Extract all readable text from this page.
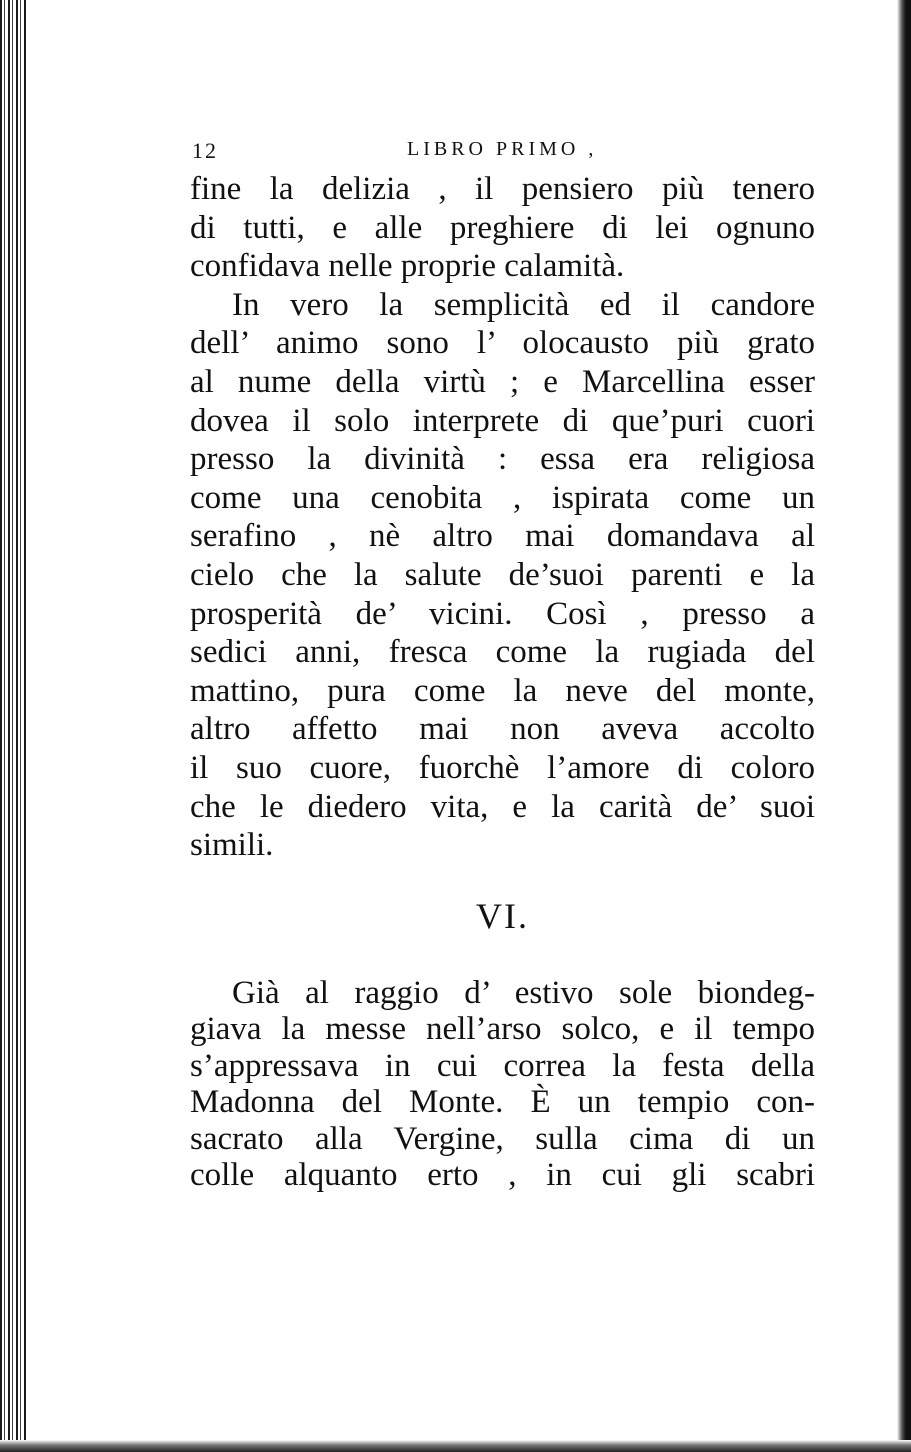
12	LIBRO PRIMO ,
fine la delizia , il pensiero più tenero
di tutti, e alle preghiere di lei ognuno
confidava nelle proprie calamità.
In vero la semplicità ed il candore
dell’ animo sono l’ olocausto più grato
al nume della virtù ; e Marcellina esser
dovea il solo interprete di que’puri cuori
presso la divinità : essa era religiosa
come una cenobita , ispirata come un
serafino , nè altro mai domandava al
cielo che la salute de’suoi parenti e la
prosperità de’ vicini. Così , presso a
sedici anni, fresca come la rugiada del
mattino, pura come la neve del monte,
altro affetto mai non aveva accolto
il suo cuore, fuorchè l’amore di coloro
che le diedero vita, e la carità de’ suoi
simili.
VI.
Già al raggio d’ estivo sole biondeg-
giava la messe nell’arso solco, e il tempo
s’appressava in cui correa la festa della
Madonna del Monte. È un tempio con-
sacrato alla Vergine, sulla cima di un
colle alquanto erto , in cui gli scabri
